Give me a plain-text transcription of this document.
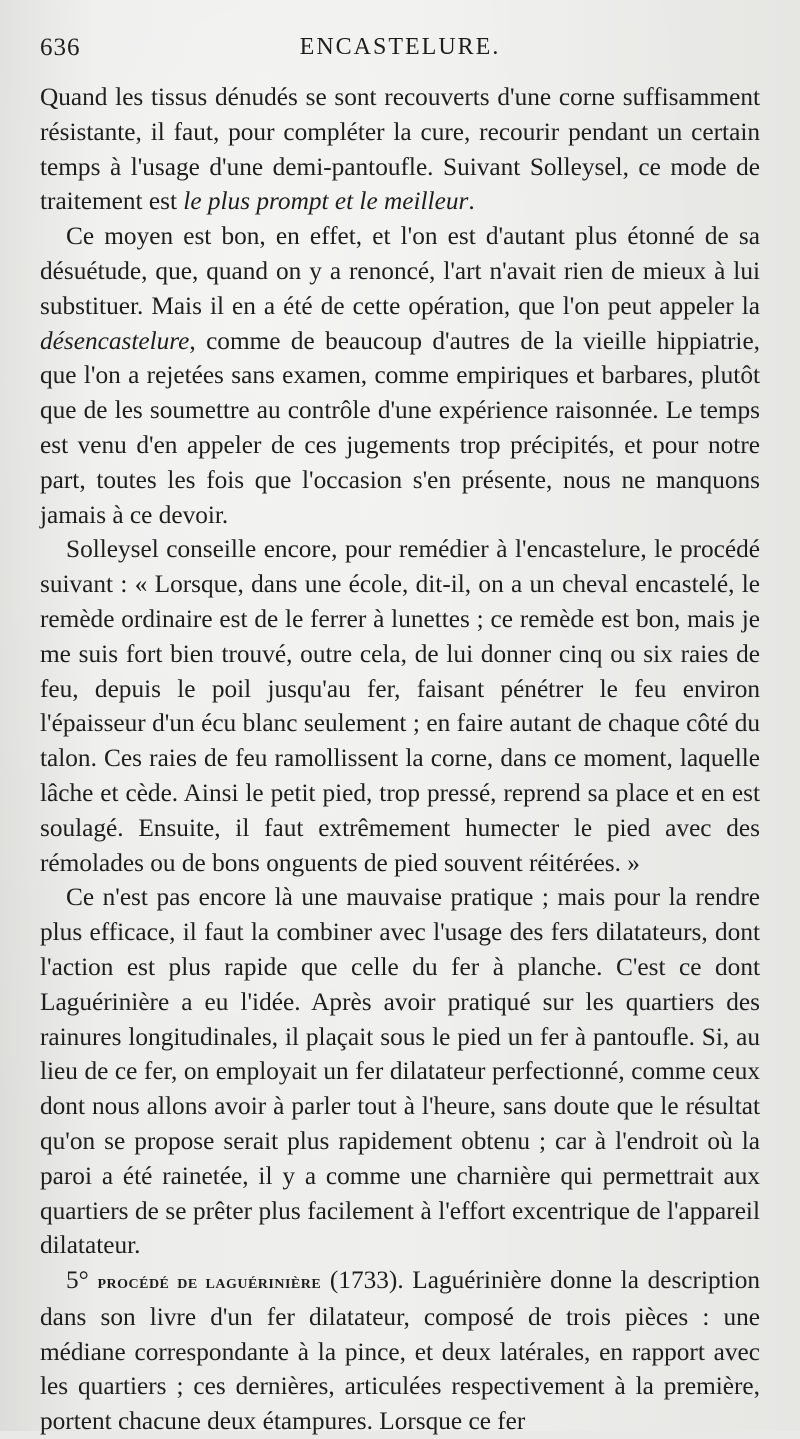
636	ENCASTELURE.

Quand les tissus dénudés se sont recouverts d'une corne suffisamment résistante, il faut, pour compléter la cure, recourir pendant un certain temps à l'usage d'une demi-pantoufle. Suivant Solleysel, ce mode de traitement est le plus prompt et le meilleur.

Ce moyen est bon, en effet, et l'on est d'autant plus étonné de sa désuétude, que, quand on y a renoncé, l'art n'avait rien de mieux à lui substituer. Mais il en a été de cette opération, que l'on peut appeler la désencastelure, comme de beaucoup d'autres de la vieille hippiatrie, que l'on a rejetées sans examen, comme empiriques et barbares, plutôt que de les soumettre au contrôle d'une expérience raisonnée. Le temps est venu d'en appeler de ces jugements trop précipités, et pour notre part, toutes les fois que l'occasion s'en présente, nous ne manquons jamais à ce devoir.

Solleysel conseille encore, pour remédier à l'encastelure, le procédé suivant : « Lorsque, dans une école, dit-il, on a un cheval encastelé, le remède ordinaire est de le ferrer à lunettes ; ce remède est bon, mais je me suis fort bien trouvé, outre cela, de lui donner cinq ou six raies de feu, depuis le poil jusqu'au fer, faisant pénétrer le feu environ l'épaisseur d'un écu blanc seulement ; en faire autant de chaque côté du talon. Ces raies de feu ramollissent la corne, dans ce moment, laquelle lâche et cède. Ainsi le petit pied, trop pressé, reprend sa place et en est soulagé. Ensuite, il faut extrêmement humecter le pied avec des rémolades ou de bons onguents de pied souvent réitérées. »

Ce n'est pas encore là une mauvaise pratique ; mais pour la rendre plus efficace, il faut la combiner avec l'usage des fers dilatateurs, dont l'action est plus rapide que celle du fer à planche. C'est ce dont Laguérinière a eu l'idée. Après avoir pratiqué sur les quartiers des rainures longitudinales, il plaçait sous le pied un fer à pantoufle. Si, au lieu de ce fer, on employait un fer dilatateur perfectionné, comme ceux dont nous allons avoir à parler tout à l'heure, sans doute que le résultat qu'on se propose serait plus rapidement obtenu ; car à l'endroit où la paroi a été rainetée, il y a comme une charnière qui permettrait aux quartiers de se prêter plus facilement à l'effort excentrique de l'appareil dilatateur.

5° procédé de laguérinière (1733). Laguérinière donne la description dans son livre d'un fer dilatateur, composé de trois pièces : une médiane correspondante à la pince, et deux latérales, en rapport avec les quartiers ; ces dernières, articulées respectivement à la première, portent chacune deux étampures. Lorsque ce fer
